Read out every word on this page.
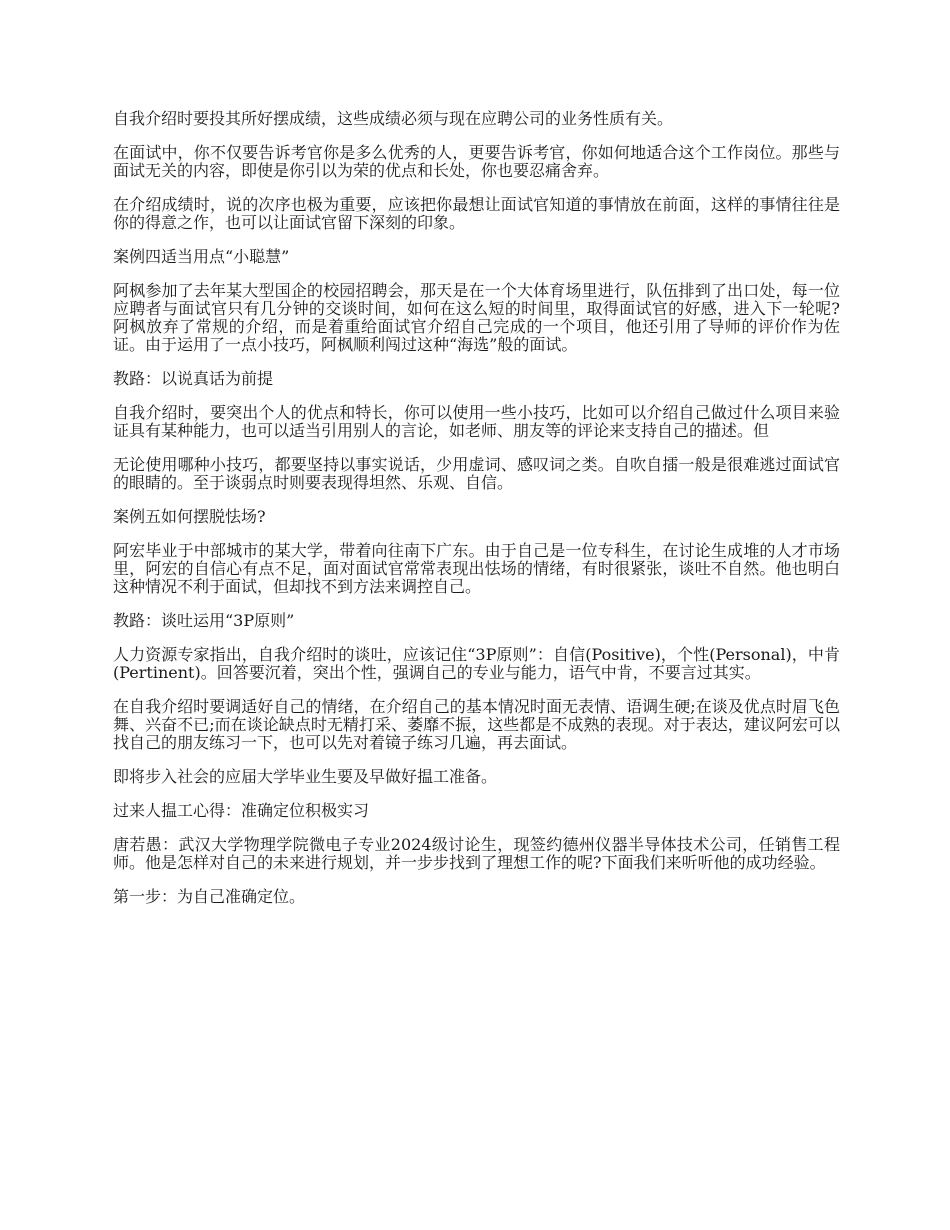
自我介绍时要投其所好摆成绩，这些成绩必须与现在应聘公司的业务性质有关。

在面试中，你不仅要告诉考官你是多么优秀的人，更要告诉考官，你如何地适合这个工作岗位。那些与面试无关的内容，即使是你引以为荣的优点和长处，你也要忍痛舍弃。

在介绍成绩时，说的次序也极为重要，应该把你最想让面试官知道的事情放在前面，这样的事情往往是你的得意之作，也可以让面试官留下深刻的印象。

案例四适当用点“小聪慧”

阿枫参加了去年某大型国企的校园招聘会，那天是在一个大体育场里进行，队伍排到了出口处，每一位应聘者与面试官只有几分钟的交谈时间，如何在这么短的时间里，取得面试官的好感，进入下一轮呢?阿枫放弃了常规的介绍，而是着重给面试官介绍自己完成的一个项目，他还引用了导师的评价作为佐证。由于运用了一点小技巧，阿枫顺利闯过这种“海选”般的面试。

教路：以说真话为前提

自我介绍时，要突出个人的优点和特长，你可以使用一些小技巧，比如可以介绍自己做过什么项目来验证具有某种能力，也可以适当引用别人的言论，如老师、朋友等的评论来支持自己的描述。但

无论使用哪种小技巧，都要坚持以事实说话，少用虚词、感叹词之类。自吹自擂一般是很难逃过面试官的眼睛的。至于谈弱点时则要表现得坦然、乐观、自信。

案例五如何摆脱怯场?

阿宏毕业于中部城市的某大学，带着向往南下广东。由于自己是一位专科生，在讨论生成堆的人才市场里，阿宏的自信心有点不足，面对面试官常常表现出怯场的情绪，有时很紧张，谈吐不自然。他也明白这种情况不利于面试，但却找不到方法来调控自己。

教路：谈吐运用“3P原则”

人力资源专家指出，自我介绍时的谈吐，应该记住“3P原则”：自信(Positive)，个性(Personal)，中肯(Pertinent)。回答要沉着，突出个性，强调自己的专业与能力，语气中肯，不要言过其实。

在自我介绍时要调适好自己的情绪，在介绍自己的基本情况时面无表情、语调生硬;在谈及优点时眉飞色舞、兴奋不已;而在谈论缺点时无精打采、萎靡不振，这些都是不成熟的表现。对于表达，建议阿宏可以找自己的朋友练习一下，也可以先对着镜子练习几遍，再去面试。

即将步入社会的应届大学毕业生要及早做好揾工准备。

过来人揾工心得：准确定位积极实习

唐若愚：武汉大学物理学院微电子专业2024级讨论生，现签约德州仪器半导体技术公司，任销售工程师。他是怎样对自己的未来进行规划，并一步步找到了理想工作的呢?下面我们来听听他的成功经验。

第一步：为自己准确定位。
